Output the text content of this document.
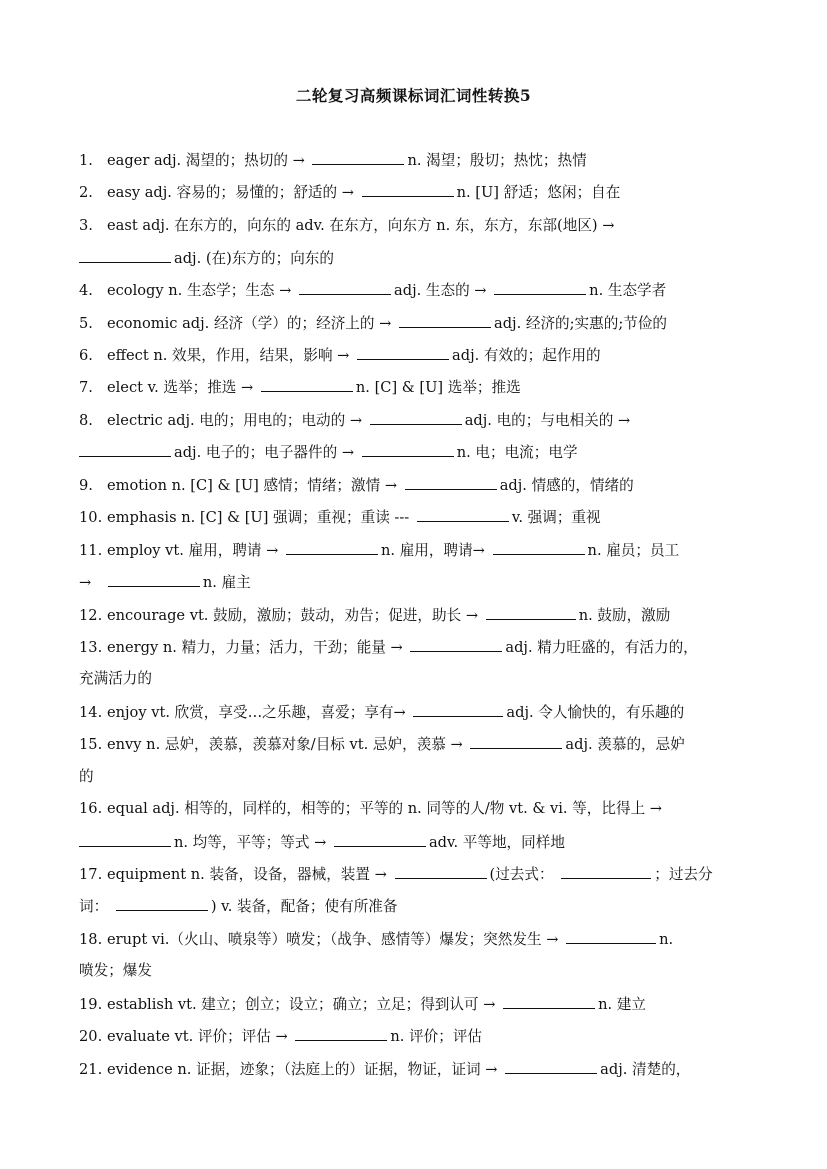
二轮复习高频课标词汇词性转换5
1. eager adj. 渴望的；热切的 →	n. 渴望；殷切；热忱；热情
2. easy adj. 容易的；易懂的；舒适的 →	n. [U] 舒适；悠闲；自在
3. east adj. 在东方的，向东的 adv. 在东方，向东方 n. 东，东方，东部(地区) →
adj. (在)东方的；向东的
4. ecology n. 生态学；生态 →	adj. 生态的 →	n. 生态学者
5. economic adj. 经济（学）的；经济上的 →	adj. 经济的;实惠的;节俭的
6. effect n. 效果，作用，结果，影响 →	adj. 有效的；起作用的
7. elect v. 选举；推选 →	n. [C] & [U] 选举；推选
8. electric adj. 电的；用电的；电动的 →	adj. 电的；与电相关的 →
adj. 电子的；电子器件的 →	n. 电；电流；电学
9. emotion n. [C] & [U] 感情；情绪；激情 →	adj. 情感的，情绪的
10. emphasis n. [C] & [U] 强调；重视；重读 ---	v. 强调；重视
11. employ vt. 雇用，聘请 →	n. 雇用，聘请→	n. 雇员；员工
→	n. 雇主
12. encourage vt. 鼓励，激励；鼓动，劝告；促进，助长 →	n. 鼓励，激励
13. energy n. 精力，力量；活力，干劲；能量 →	adj. 精力旺盛的，有活力的，
充满活力的
14. enjoy vt. 欣赏，享受…之乐趣，喜爱；享有→	adj. 令人愉快的，有乐趣的
15. envy n. 忌妒，羡慕，羡慕对象/目标 vt. 忌妒，羡慕 →	adj. 羡慕的，忌妒
的
16. equal adj. 相等的，同样的，相等的；平等的 n. 同等的人/物 vt. & vi. 等，比得上 →
n. 均等，平等；等式 →	adv. 平等地，同样地
17. equipment n. 装备，设备，器械，装置 →	(过去式：	；过去分
词：	) v. 装备，配备；使有所准备
18. erupt vi.（火山、喷泉等）喷发；（战争、感情等）爆发；突然发生 →	n.
喷发；爆发
19. establish vt. 建立；创立；设立；确立；立足；得到认可 →	n. 建立
20. evaluate vt. 评价；评估 →	n. 评价；评估
21. evidence n. 证据，迹象；（法庭上的）证据，物证，证词 →	adj. 清楚的，
